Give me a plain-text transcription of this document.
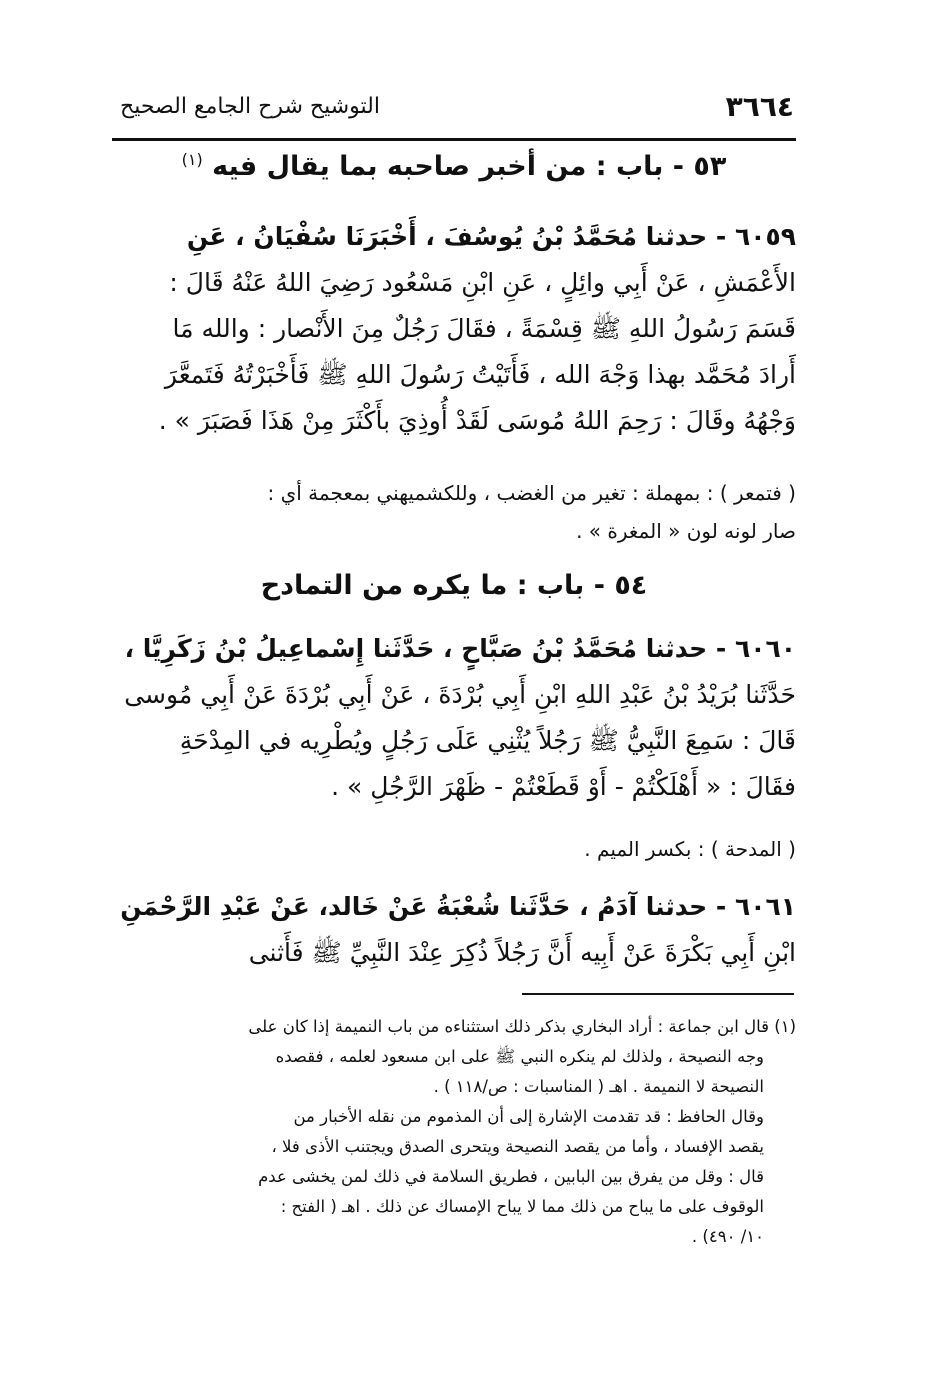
٣٦٦٤
التوشيح شرح الجامع الصحيح
٥٣ - باب : من أخبر صاحبه بما يقال فيه $^{(١)}$
٦٠٥٩ - حدثنا مُحَمَّدُ بْنُ يُوسُفَ ، أَخْبَرَنَا سُفْيَانُ ، عَنِ
الأَعْمَشِ ، عَنْ أَبِي وائِلٍ ، عَنِ ابْنِ مَسْعُود رَضِيَ اللهُ عَنْهُ قَالَ :
قَسَمَ رَسُولُ اللهِ ﷺ قِسْمَةً ، فقَالَ رَجُلٌ مِنَ الأَنْصار : والله مَا
أَرادَ مُحَمَّد بهذا وَجْهَ الله ، فَأَتَيْتُ رَسُولَ اللهِ ﷺ فَأَخْبَرْتُهُ فَتَمعَّرَ
وَجْهُهُ وقَالَ : رَحِمَ اللهُ مُوسَى لَقَدْ أُوذِيَ بأَكْثَرَ مِنْ هَذَا فَصَبَرَ » .
( فتمعر ) : بمهملة : تغير من الغضب ، وللكشميهني بمعجمة أي :
صار لونه لون « المغرة » .
٥٤ - باب : ما يكره من التمادح
٦٠٦٠ - حدثنا مُحَمَّدُ بْنُ صَبَّاحٍ ، حَدَّثَنا إِسْماعِيلُ بْنُ زَكَرِيَّا ،
حَدَّثَنا بُرَيْدُ بْنُ عَبْدِ اللهِ ابْنِ أَبِي بُرْدَةَ ، عَنْ أَبِي بُرْدَةَ عَنْ أَبِي مُوسى
قَالَ : سَمِعَ النَّبِيُّ ﷺ رَجُلاً يُثْنِي عَلَى رَجُلٍ ويُطْرِيه في المِدْحَةِ
فقَالَ : « أَهْلَكْتُمْ - أَوْ قَطَعْتُمْ - ظَهْرَ الرَّجُلِ » .
( المدحة ) : بكسر الميم .
٦٠٦١ - حدثنا آدَمُ ، حَدَّثَنا شُعْبَةُ عَنْ خَالد، عَنْ عَبْدِ الرَّحْمَنِ
ابْنِ أَبِي بَكْرَةَ عَنْ أَبِيه أَنَّ رَجُلاً ذُكِرَ عِنْدَ النَّبِيِّ ﷺ فَأَثنى
(١) قال ابن جماعة : أراد البخاري بذكر ذلك استثناءه من باب النميمة إذا كان على
وجه النصيحة ، ولذلك لم ينكره النبي ﷺ على ابن مسعود لعلمه ، فقصده
النصيحة لا النميمة . اهـ ( المناسبات : ص/١١٨ ) .
وقال الحافظ : قد تقدمت الإشارة إلى أن المذموم من نقله الأخبار من
يقصد الإفساد ، وأما من يقصد النصيحة ويتحرى الصدق ويجتنب الأذى فلا ،
قال : وقل من يفرق بين البابين ، فطريق السلامة في ذلك لمن يخشى عدم
الوقوف على ما يباح من ذلك مما لا يباح الإمساك عن ذلك . اهـ ( الفتح :
١٠/ ٤٩٠) .
